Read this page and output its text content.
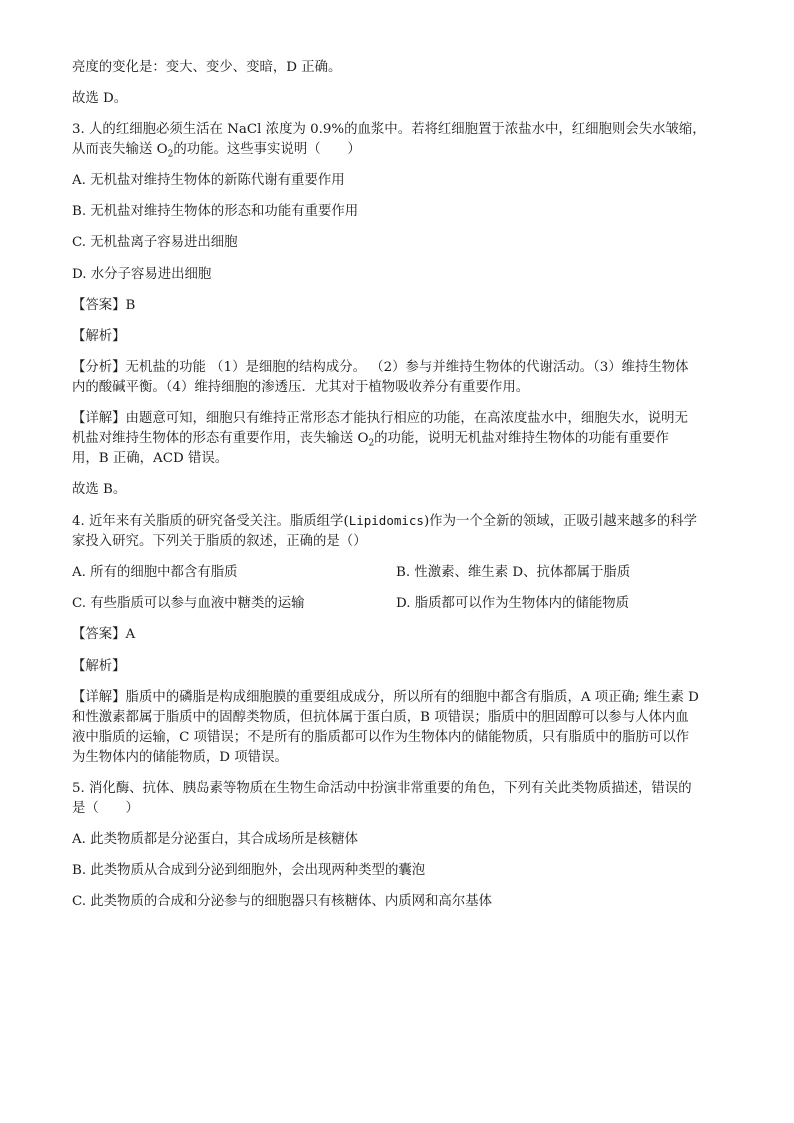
亮度的变化是：变大、变少、变暗，D 正确。
故选 D。
3. 人的红细胞必须生活在 NaCl 浓度为 0.9%的血浆中。若将红细胞置于浓盐水中，红细胞则会失水皱缩，
从而丧失输送 $O_2$的功能。这些事实说明（　　）
A. 无机盐对维持生物体的新陈代谢有重要作用
B. 无机盐对维持生物体的形态和功能有重要作用
C. 无机盐离子容易进出细胞
D. 水分子容易进出细胞
【答案】B
【解析】
【分析】无机盐的功能 （1）是细胞的结构成分。 （2）参与并维持生物体的代谢活动。（3）维持生物体
内的酸碱平衡。（4）维持细胞的渗透压．尤其对于植物吸收养分有重要作用。
【详解】由题意可知，细胞只有维持正常形态才能执行相应的功能，在高浓度盐水中，细胞失水，说明无
机盐对维持生物体的形态有重要作用，丧失输送 $O_2$的功能，说明无机盐对维持生物体的功能有重要作
用，B 正确，ACD 错误。
故选 B。
4. 近年来有关脂质的研究备受关注。脂质组学(Lipidomics)作为一个全新的领域，正吸引越来越多的科学
家投入研究。下列关于脂质的叙述，正确的是（）
A. 所有的细胞中都含有脂质	B. 性激素、维生素 D、抗体都属于脂质
C. 有些脂质可以参与血液中糖类的运输	D. 脂质都可以作为生物体内的储能物质
【答案】A
【解析】
【详解】脂质中的磷脂是构成细胞膜的重要组成成分，所以所有的细胞中都含有脂质，A 项正确; 维生素 D
和性激素都属于脂质中的固醇类物质，但抗体属于蛋白质，B 项错误；脂质中的胆固醇可以参与人体内血
液中脂质的运输，C 项错误；不是所有的脂质都可以作为生物体内的储能物质，只有脂质中的脂肪可以作
为生物体内的储能物质，D 项错误。
5. 消化酶、抗体、胰岛素等物质在生物生命活动中扮演非常重要的角色，下列有关此类物质描述，错误的
是（　　）
A. 此类物质都是分泌蛋白，其合成场所是核糖体
B. 此类物质从合成到分泌到细胞外，会出现两种类型的囊泡
C. 此类物质的合成和分泌参与的细胞器只有核糖体、内质网和高尔基体
